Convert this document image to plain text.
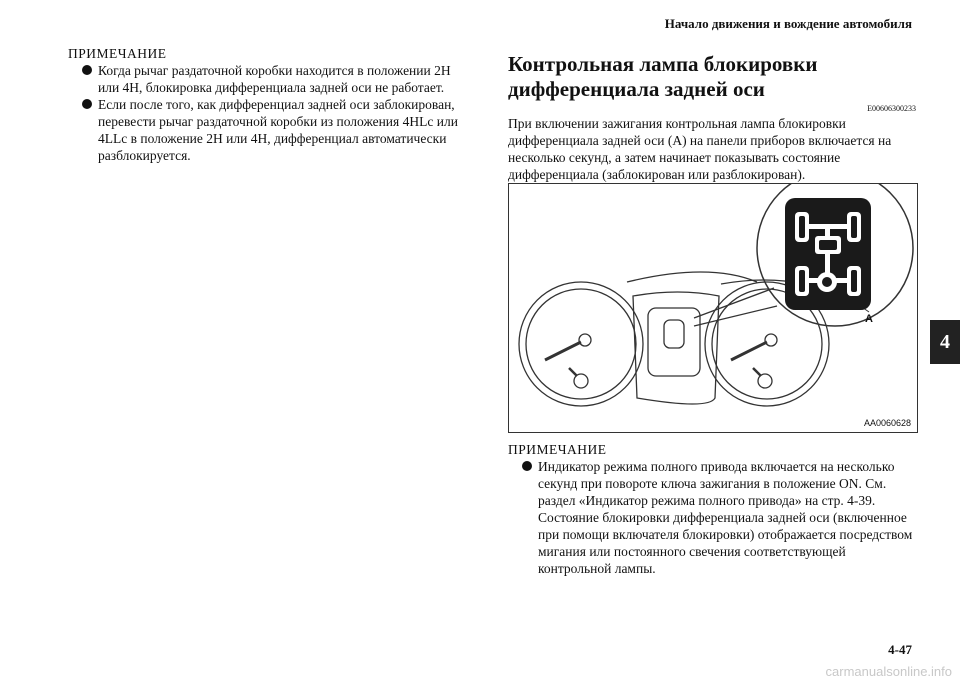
Начало движения и вождение автомобиля
4
ПРИМЕЧАНИЕ
Когда рычаг раздаточной коробки находится в положении 2H или 4H, блокировка дифференциала задней оси не работает.
Если после того, как дифференциал задней оси заблокирован, перевести рычаг раздаточной коробки из положения 4HLc или 4LLc в положение 2H или 4H, дифференциал автоматически разблокируется.
Контрольная лампа блокировки дифференциала задней оси
E00606300233
При включении зажигания контрольная лампа блокировки дифференциала задней оси (A) на панели приборов включается на несколько секунд, а затем начинает показывать состояние дифференциала (заблокирован или разблокирован).
A
AA0060628
ПРИМЕЧАНИЕ
Индикатор режима полного привода включается на несколько секунд при повороте ключа зажигания в положение ON. См. раздел «Индикатор режима полного привода» на стр. 4-39. Состояние блокировки дифференциала задней оси (включенное при помощи включателя блокировки) отображается посредством мигания или постоянного свечения соответствующей контрольной лампы.
4-47
carmanualsonline.info
